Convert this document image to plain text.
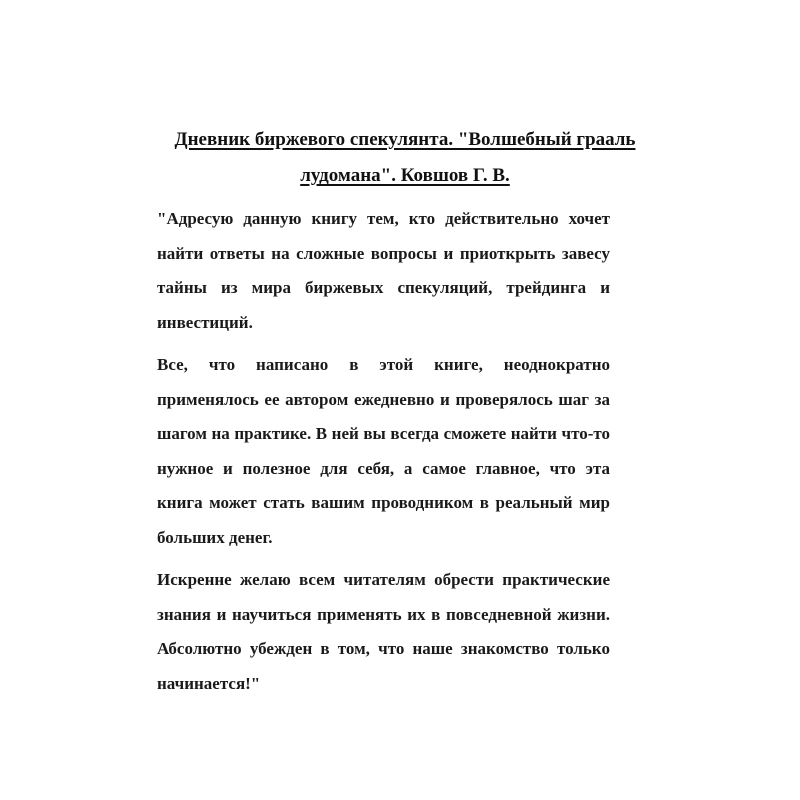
Дневник биржевого спекулянта. "Волшебный грааль лудомана". Ковшов Г. В.

"Адресую данную книгу тем, кто действительно хочет найти ответы на сложные вопросы и приоткрыть завесу тайны из мира биржевых спекуляций, трейдинга и инвестиций.

Все, что написано в этой книге, неоднократно применялось ее автором ежедневно и проверялось шаг за шагом на практике. В ней вы всегда сможете найти что-то нужное и полезное для себя, а самое главное, что эта книга может стать вашим проводником в реальный мир больших денег.

Искренне желаю всем читателям обрести практические знания и научиться применять их в повседневной жизни. Абсолютно убежден в том, что наше знакомство только начинается!"
